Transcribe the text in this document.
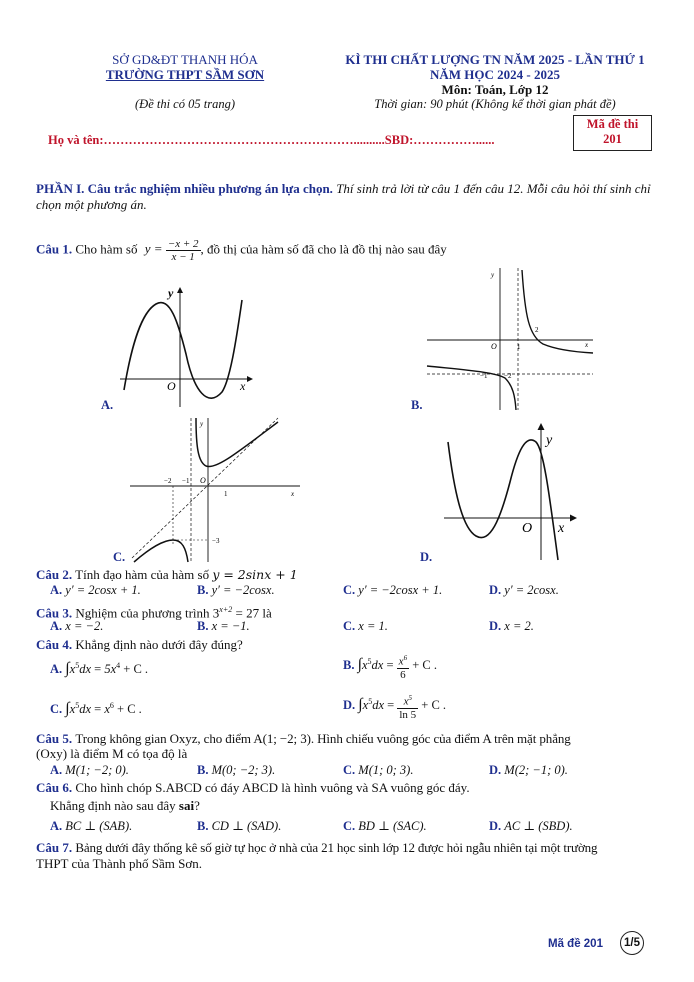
SỞ GD&ĐT THANH HÓA
TRƯỜNG THPT SẦM SƠN
(Đề thi có 05 trang)
KÌ THI CHẤT LƯỢNG TN NĂM 2025 - LẦN THỨ 1
NĂM HỌC 2024 - 2025
Môn: Toán, Lớp 12
Thời gian: 90 phút (Không kể thời gian phát đề)
Họ và tên:……………………………………………………..........SBD:……………......
Mã đề thi
201
PHẦN I. Câu trắc nghiệm nhiều phương án lựa chọn. Thí sinh trả lời từ câu 1 đến câu 12. Mỗi câu hỏi thí sinh chỉ chọn một phương án.
Câu 1. Cho hàm số $y = \frac{-x + 2}{x - 1}$ , đồ thị của hàm số đã cho là đồ thị nào sau đây
y
O	x
A.
y
O	1
2
x
−1 −2
B.
y
−2 −1 O
1	x
−3
C.
y
O x
D.
Câu 2. Tính đạo hàm của hàm số y = 2sinx + 1
A. y′ = 2cosx + 1.	B. y′ = −2cosx.	C. y′ = −2cosx + 1.	D. y′ = 2cosx.
Câu 3. Nghiệm của phương trình $3^{x+2} = 27$ là
A. x = −2.	B. x = −1.	C. x = 1.	D. x = 2.
Câu 4. Khẳng định nào dưới đây đúng?
A. $\int x^5dx = 5x^4 + C$ .	B. $\int x^5dx = \frac{x^6}{6} + C$ .
C. $\int x^5dx = x^6 + C$ .	D. $\int x^5dx = \frac{x^5}{\ln 5} + C$ .
Câu 5. Trong không gian Oxyz, cho điểm A(1; −2; 3). Hình chiếu vuông góc của điểm A trên mặt phẳng
(Oxy) là điểm M có tọa độ là
A. M(1; −2; 0).	B. M(0; −2; 3).	C. M(1; 0; 3).	D. M(2; −1; 0).
Câu 6. Cho hình chóp S.ABCD có đáy ABCD là hình vuông và SA vuông góc đáy.
Khẳng định nào sau đây sai?
A. BC ⊥ (SAB).	B. CD ⊥ (SAD).	C. BD ⊥ (SAC).	D. AC ⊥ (SBD).
Câu 7. Bảng dưới đây thống kê số giờ tự học ở nhà của 21 học sinh lớp 12 được hỏi ngẫu nhiên tại một trường
THPT của Thành phố Sầm Sơn.
Mã đề 201	1/5
